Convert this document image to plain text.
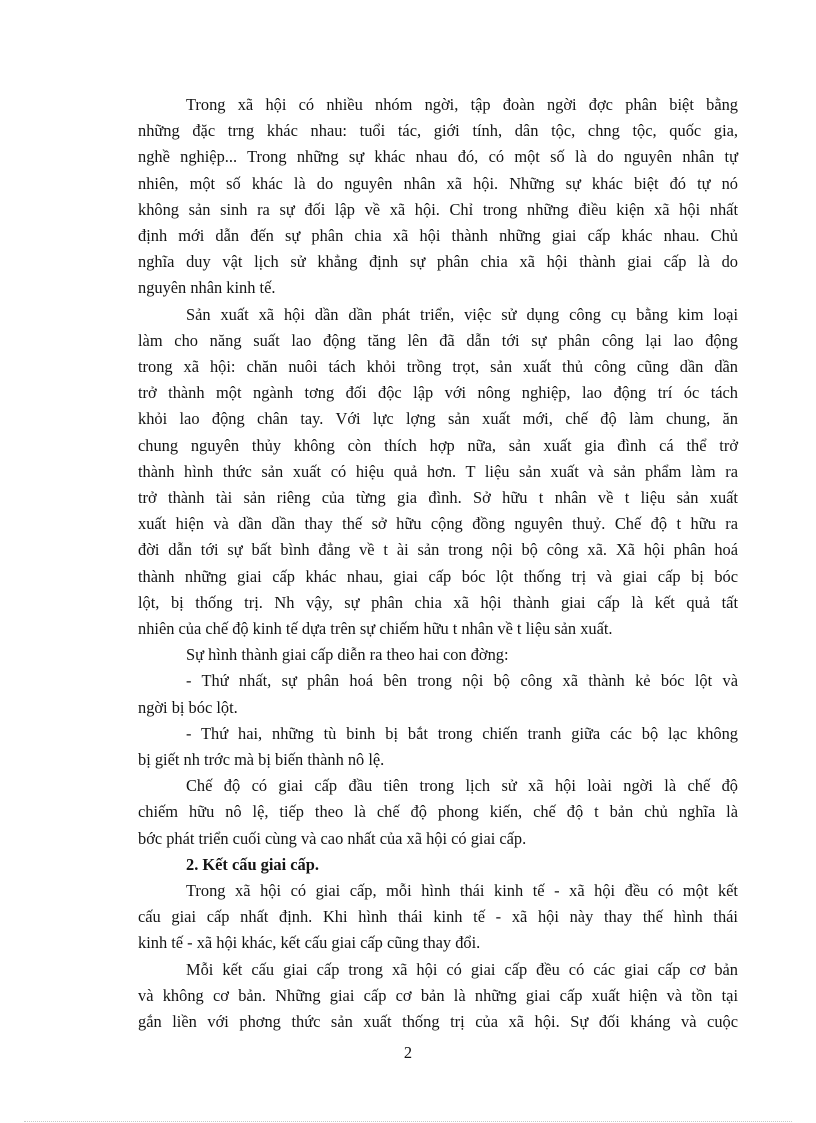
Trong xã hội có nhiều nhóm ngời, tập đoàn ngời đợc phân biệt bằng
những đặc trng khác nhau: tuổi tác, giới tính, dân tộc, chng tộc, quốc gia,
nghề nghiệp... Trong những sự khác nhau đó, có một số là do nguyên nhân tự
nhiên, một số khác là do nguyên nhân xã hội. Những sự khác biệt đó tự nó
không sản sinh ra sự đối lập về xã hội. Chỉ trong những điều kiện xã hội nhất
định mới dẫn đến sự phân chia xã hội thành những giai cấp khác nhau. Chủ
nghĩa duy vật lịch sử khẳng định sự phân chia xã hội thành giai cấp là do
nguyên nhân kinh tế.
Sản xuất xã hội dần dần phát triển, việc sử dụng công cụ bằng kim loại
làm cho năng suất lao động tăng lên đã dẫn tới sự phân công lại lao động
trong xã hội: chăn nuôi tách khỏi trồng trọt, sản xuất thủ công cũng dần dần
trở thành một ngành tơng đối độc lập với nông nghiệp, lao động trí óc tách
khỏi lao động chân tay. Với lực lợng sản xuất mới, chế độ làm chung, ăn
chung nguyên thủy không còn thích hợp nữa, sản xuất gia đình cá thể trở
thành hình thức sản xuất có hiệu quả hơn. T liệu sản xuất và sản phẩm làm ra
trở thành tài sản riêng của từng gia đình. Sở hữu t nhân về t liệu sản xuất
xuất hiện và dần dần thay thế sở hữu cộng đồng nguyên thuỷ. Chế độ t hữu ra
đời dẫn tới sự bất bình đẳng về t ài sản trong nội bộ công xã. Xã hội phân hoá
thành những giai cấp khác nhau, giai cấp bóc lột thống trị và giai cấp bị bóc
lột, bị thống trị. Nh vậy, sự phân chia xã hội thành giai cấp là kết quả tất
nhiên của chế độ kinh tế dựa trên sự chiếm hữu t nhân về t liệu sản xuất.
Sự hình thành giai cấp diễn ra theo hai con đờng:
- Thứ nhất, sự phân hoá bên trong nội bộ công xã thành kẻ bóc lột và
ngời bị bóc lột.
- Thứ hai, những tù binh bị bắt trong chiến tranh giữa các bộ lạc không
bị giết nh trớc mà bị biến thành nô lệ.
Chế độ có giai cấp đầu tiên trong lịch sử xã hội loài ngời là chế độ
chiếm hữu nô lệ, tiếp theo là chế độ phong kiến, chế độ t bản chủ nghĩa là
bớc phát triển cuối cùng và cao nhất của xã hội có giai cấp.
2. Kết cấu giai cấp.
Trong xã hội có giai cấp, mỗi hình thái kinh tế - xã hội đều có một kết
cấu giai cấp nhất định. Khi hình thái kinh tế - xã hội này thay thế hình thái
kinh tế - xã hội khác, kết cấu giai cấp cũng thay đổi.
Mỗi kết cấu giai cấp trong xã hội có giai cấp đều có các giai cấp cơ bản
và không cơ bản. Những giai cấp cơ bản là những giai cấp xuất hiện và tồn tại
gắn liền với phơng thức sản xuất thống trị của xã hội. Sự đối kháng và cuộc
2
